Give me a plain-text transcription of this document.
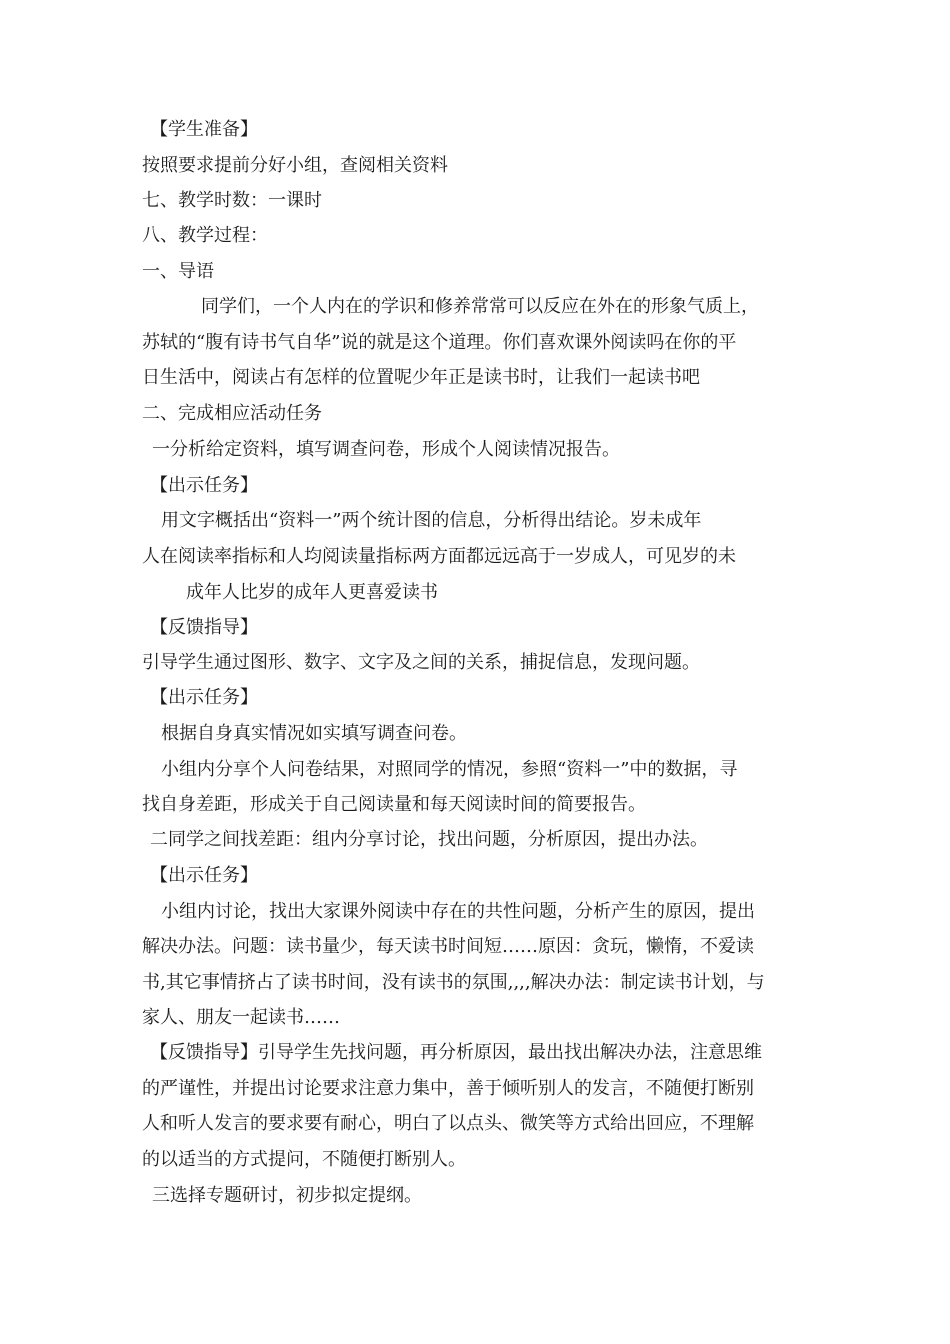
【学生准备】
按照要求提前分好小组，查阅相关资料
七、教学时数：一课时
八、教学过程：
一、导语
同学们，一个人内在的学识和修养常常可以反应在外在的形象气质上，
苏轼的“腹有诗书气自华”说的就是这个道理。你们喜欢课外阅读吗在你的平
日生活中，阅读占有怎样的位置呢少年正是读书时，让我们一起读书吧
二、完成相应活动任务
一分析给定资料，填写调查问卷，形成个人阅读情况报告。
【出示任务】
用文字概括出“资料一”两个统计图的信息，分析得出结论。岁未成年
人在阅读率指标和人均阅读量指标两方面都远远高于一岁成人，可见岁的未
成年人比岁的成年人更喜爱读书
【反馈指导】
引导学生通过图形、数字、文字及之间的关系，捕捉信息，发现问题。
【出示任务】
根据自身真实情况如实填写调查问卷。
小组内分享个人问卷结果，对照同学的情况，参照“资料一”中的数据，寻
找自身差距，形成关于自己阅读量和每天阅读时间的简要报告。
二同学之间找差距：组内分享讨论，找出问题，分析原因，提出办法。
【出示任务】
小组内讨论，找出大家课外阅读中存在的共性问题，分析产生的原因，提出
解决办法。问题：读书量少，每天读书时间短……原因：贪玩，懒惰，不爱读
书,其它事情挤占了读书时间，没有读书的氛围,,,,解决办法：制定读书计划，与
家人、朋友一起读书……
【反馈指导】引导学生先找问题，再分析原因，最出找出解决办法，注意思维
的严谨性，并提出讨论要求注意力集中，善于倾听别人的发言，不随便打断别
人和听人发言的要求要有耐心，明白了以点头、微笑等方式给出回应，不理解
的以适当的方式提问，不随便打断别人。
三选择专题研讨，初步拟定提纲。
